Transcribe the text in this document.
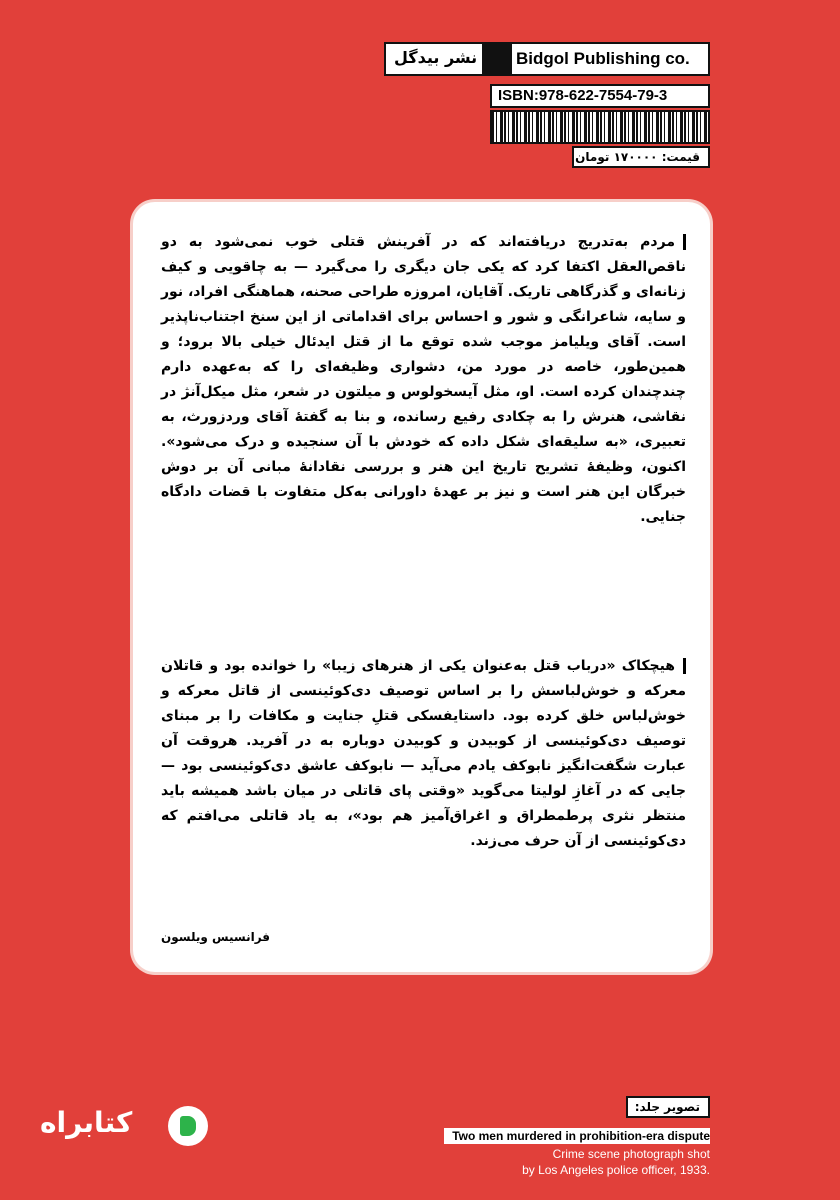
نشر بیدگل Bidgol Publishing co.
ISBN:978-622-7554-79-3
قیمت: ۱۷۰۰۰۰ تومان
مردم به‌تدریج دریافته‌اند که در آفرینش قتلی خوب نمی‌شود به دو ناقص‌العقل اکتفا کرد که یکی جان دیگری را می‌گیرد — به چاقویی و کیف زنانه‌ای و گذرگاهی تاریک. آقایان، امروزه طراحی صحنه، هماهنگی افراد، نور و سایه، شاعرانگی و شور و احساس برای اقداماتی از این سنخ اجتناب‌ناپذیر است. آقای ویلیامز موجب شده توقع ما از قتل ایدئال خیلی بالا برود؛ و همین‌طور، خاصه در مورد من، دشواری وظیفه‌ای را که به‌عهده دارم چندچندان کرده است. او، مثل آیسخولوس و میلتون در شعر، مثل میکل‌آنژ در نقاشی، هنرش را به چکادی رفیع رسانده، و بنا به گفتهٔ آقای وردزورث، به تعبیری، «به سلیقه‌ای شکل داده که خودش با آن سنجیده و درک می‌شود». اکنون، وظیفهٔ تشریح تاریخ این هنر و بررسی نقادانهٔ مبانی آن بر دوش خبرگان این هنر است و نیز بر عهدهٔ داورانی به‌کل متفاوت با قضات دادگاه جنایی.
هیچکاک «درباب قتل به‌عنوان یکی از هنرهای زیبا» را خوانده بود و قاتلان معرکه و خوش‌لباسش را بر اساس توصیف دی‌کوئینسی از قاتل معرکه و خوش‌لباس خلق کرده بود. داستایفسکی قتلِ جنایت و مکافات را بر مبنای توصیف دی‌کوئینسی از کوبیدن و کوبیدن دوباره به در آفرید. هروقت آن عبارت شگفت‌انگیز نابوکف یادم می‌آید — نابوکف عاشق دی‌کوئینسی بود — جایی که در آغازِ لولیتا می‌گوید «وقتی پای قاتلی در میان باشد همیشه باید منتظر نثری پرطمطراق و اغراق‌آمیز هم بود»، به یاد قاتلی می‌افتم که دی‌کوئینسی از آن حرف می‌زند.
فرانسیس ویلسون
کتابراه	تصویر جلد:
Two men murdered in prohibition-era dispute
Crime scene photograph shot
by Los Angeles police officer, 1933.
